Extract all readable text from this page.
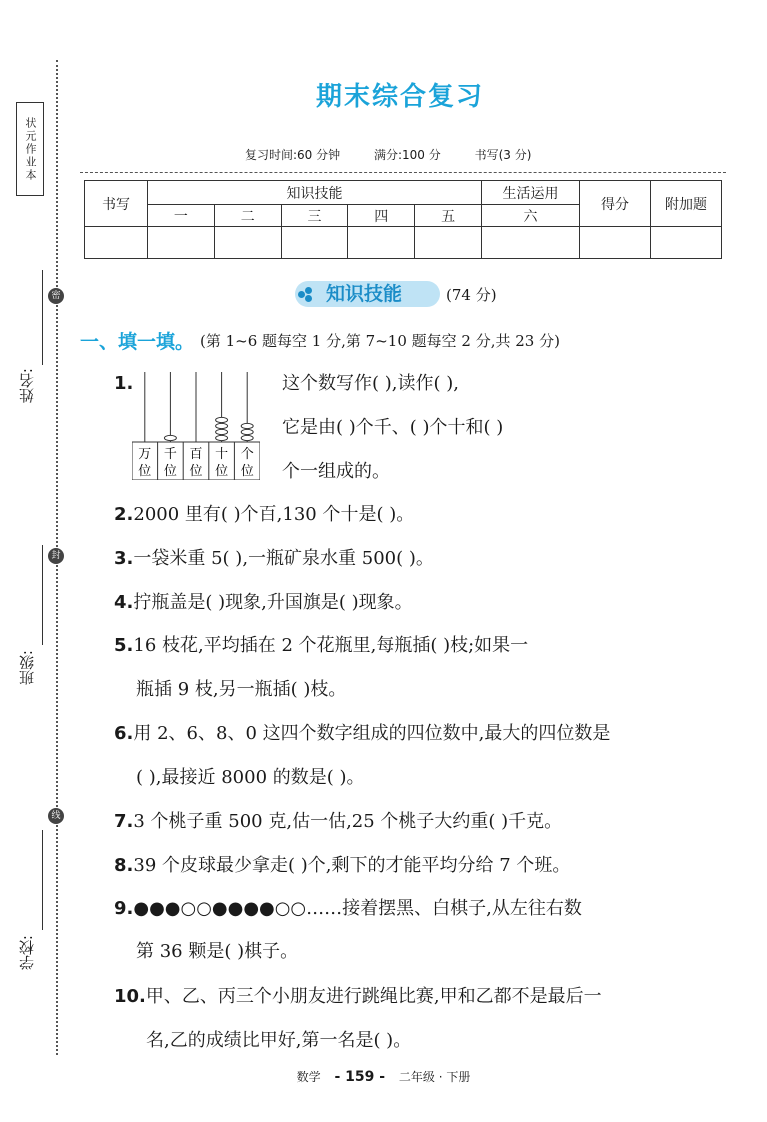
状元作业本
密
封
线
姓名:
班级:
学校:
期末综合复习
复习时间:60 分钟	满分:100 分	书写(3 分)
书写	知识技能					生活运用	得分	附加题
	一	二	三	四	五	六		

知识技能	(74 分)
一、填一填。 (第 1~6 题每空 1 分,第 7~10 题每空 2 分,共 23 分)
1.
万
位
千
位
百
位
十
位
个
位
这个数写作( ),读作( ),
它是由( )个千、( )个十和( )
个一组成的。
2.2000 里有( )个百,130 个十是( )。
3.一袋米重 5( ),一瓶矿泉水重 500( )。
4.拧瓶盖是( )现象,升国旗是( )现象。
5.16 枝花,平均插在 2 个花瓶里,每瓶插( )枝;如果一
瓶插 9 枝,另一瓶插( )枝。
6.用 2、6、8、0 这四个数字组成的四位数中,最大的四位数是
( ),最接近 8000 的数是( )。
7.3 个桃子重 500 克,估一估,25 个桃子大约重( )千克。
8.39 个皮球最少拿走( )个,剩下的才能平均分给 7 个班。
9.●●●○○●●●●○○……接着摆黑、白棋子,从左往右数
第 36 颗是( )棋子。
10.甲、乙、丙三个小朋友进行跳绳比赛,甲和乙都不是最后一
名,乙的成绩比甲好,第一名是( )。
数学 - 159 - 二年级 · 下册
